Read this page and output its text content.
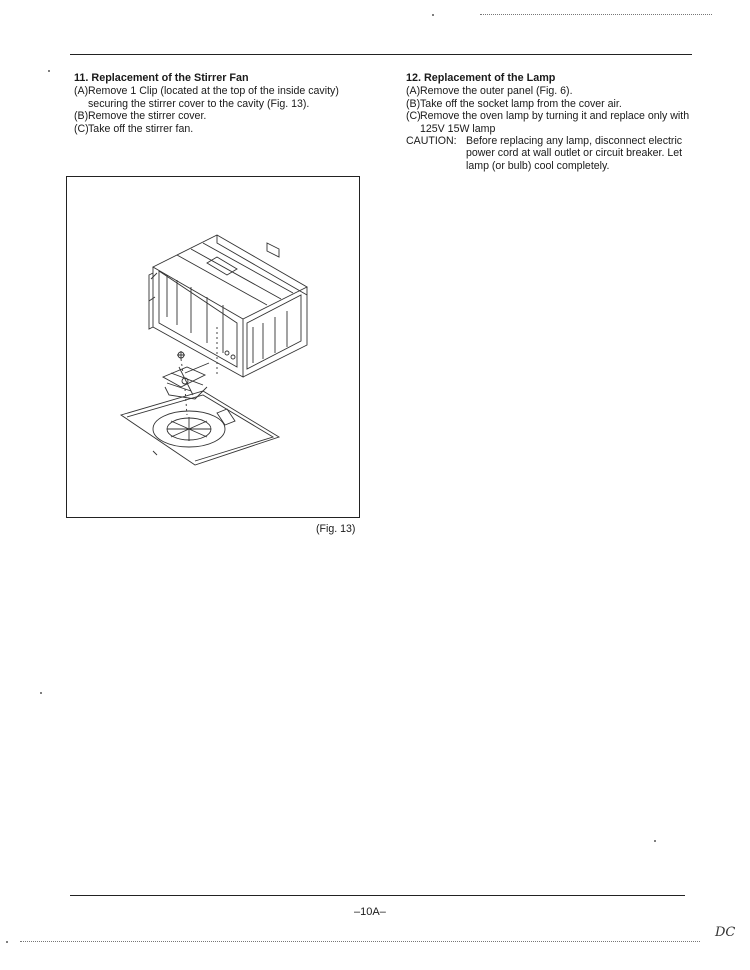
11. Replacement of the Stirrer Fan

(A) Remove 1 Clip (located at the top of the inside cavity) securing the stirrer cover to the cavity (Fig. 13).

(B) Remove the stirrer cover.

(C) Take off the stirrer fan.

(Fig. 13)

12. Replacement of the Lamp

(A) Remove the outer panel (Fig. 6).

(B) Take off the socket lamp from the cover air.

(C) Remove the oven lamp by turning it and replace only with 125V 15W lamp

CAUTION: Before replacing any lamp, disconnect electric power cord at wall outlet or circuit breaker. Let lamp (or bulb) cool completely.

–10A–
DC
